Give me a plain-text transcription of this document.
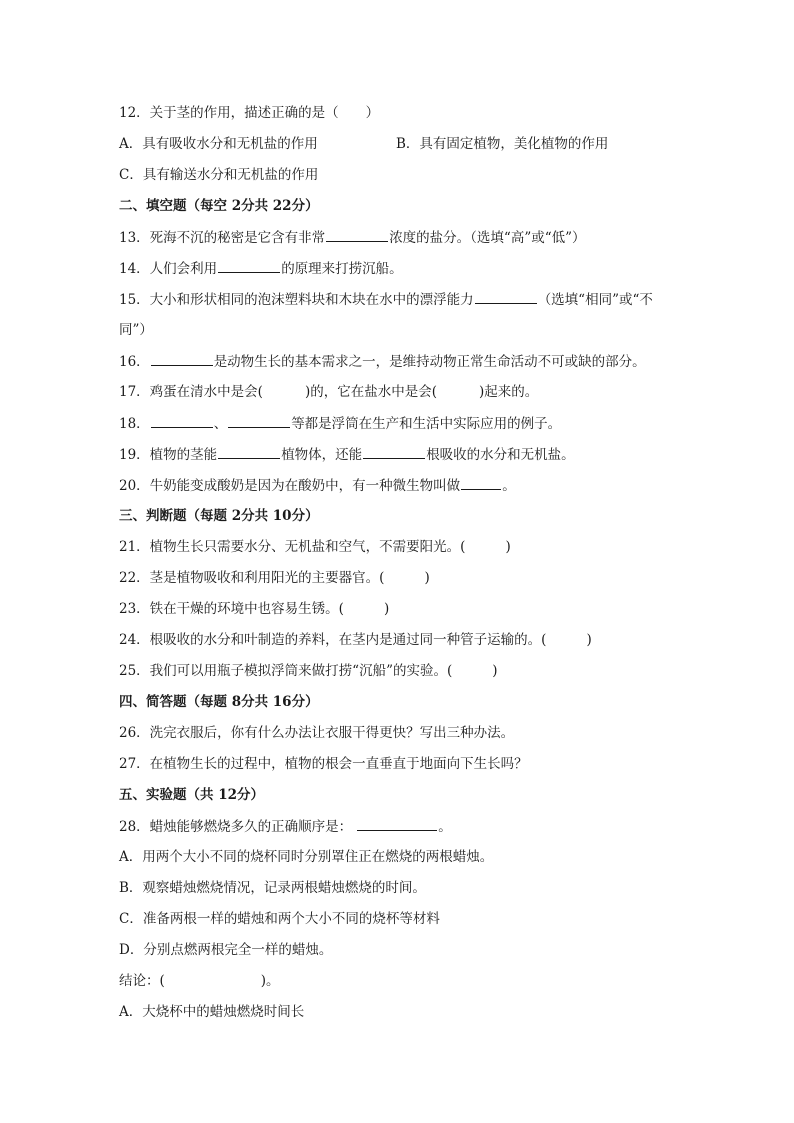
12．关于茎的作用，描述正确的是（　　）
A．具有吸收水分和无机盐的作用	B．具有固定植物，美化植物的作用
C．具有输送水分和无机盐的作用
二、填空题（每空 2分共 22分）
13．死海不沉的秘密是它含有非常	浓度的盐分。（选填“高”或“低”）
14．人们会利用	的原理来打捞沉船。
15．大小和形状相同的泡沫塑料块和木块在水中的漂浮能力	（选填“相同”或“不
同”）
16．	是动物生长的基本需求之一，是维持动物正常生命活动不可或缺的部分。
17．鸡蛋在清水中是会(	)的，它在盐水中是会(	)起来的。
18．	、	等都是浮筒在生产和生活中实际应用的例子。
19．植物的茎能	植物体，还能	根吸收的水分和无机盐。
20．牛奶能变成酸奶是因为在酸奶中，有一种微生物叫做	。
三、判断题（每题 2分共 10分）
21．植物生长只需要水分、无机盐和空气，不需要阳光。(	)
22．茎是植物吸收和利用阳光的主要器官。(	)
23．铁在干燥的环境中也容易生锈。(	)
24．根吸收的水分和叶制造的养料，在茎内是通过同一种管子运输的。(	)
25．我们可以用瓶子模拟浮筒来做打捞“沉船”的实验。(	)
四、简答题（每题 8分共 16分）
26．洗完衣服后，你有什么办法让衣服干得更快？写出三种办法。
27．在植物生长的过程中，植物的根会一直垂直于地面向下生长吗？
五、实验题（共 12分）
28．蜡烛能够燃烧多久的正确顺序是：	。
A．用两个大小不同的烧杯同时分别罩住正在燃烧的两根蜡烛。
B．观察蜡烛燃烧情况，记录两根蜡烛燃烧的时间。
C．准备两根一样的蜡烛和两个大小不同的烧杯等材料
D．分别点燃两根完全一样的蜡烛。
结论：(	)。
A．大烧杯中的蜡烛燃烧时间长
